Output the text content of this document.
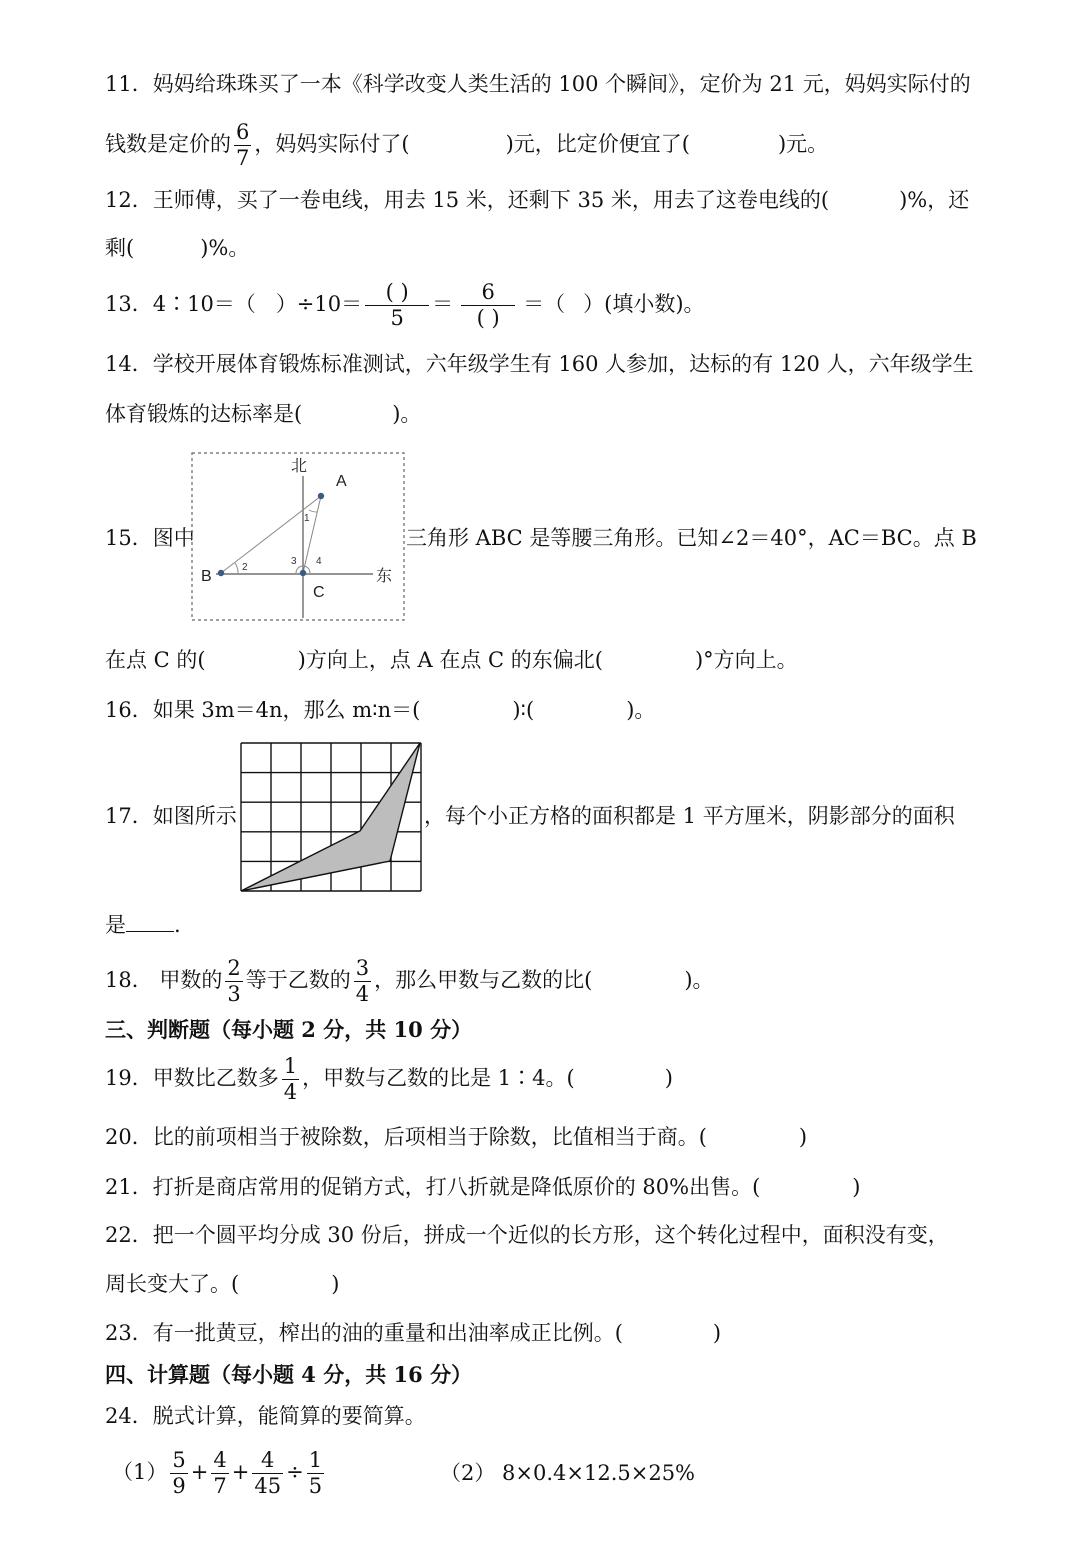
11．妈妈给珠珠买了一本《科学改变人类生活的 100 个瞬间》，定价为 21 元，妈妈实际付的
钱数是定价的 $\frac{6}{7}$ ，妈妈实际付了(	)元，比定价便宜了(	)元。
12．王师傅，买了一卷电线，用去 15 米，还剩下 35 米，用去了这卷电线的(	)%，还
剩(	)%。
13．4∶10＝（ ）$\div 10= \frac{( )}{5} = \frac{6}{( )}$ ＝（ ）(填小数)。
14．学校开展体育锻炼标准测试，六年级学生有 160 人参加，达标的有 120 人，六年级学生
体育锻炼的达标率是(	)。
15．图中
北
东
A
B
C
1
2
3 4
三角形 ABC 是等腰三角形。已知∠2＝40°，AC＝BC。点 B
在点 C 的(	)方向上，点 A 在点 C 的东偏北(	)°方向上。
16．如果 3m＝4n，那么 m∶n＝(	)∶(	)。
17．如图所示	，每个小正方格的面积都是 1 平方厘米，阴影部分的面积
是 .
18． 甲数的 $\frac{2}{3}$ 等于乙数的 $\frac{3}{4}$ ，那么甲数与乙数的比(	)。
三、判断题（每小题 2 分，共 10 分）
19．甲数比乙数多 $\frac{1}{4}$ ，甲数与乙数的比是 1∶4。(	)
20．比的前项相当于被除数，后项相当于除数，比值相当于商。(	)
21．打折是商店常用的促销方式，打八折就是降低原价的 80%出售。(	)
22．把一个圆平均分成 30 份后，拼成一个近似的长方形，这个转化过程中，面积没有变，
周长变大了。(	)
23．有一批黄豆，榨出的油的重量和出油率成正比例。(	)
四、计算题（每小题 4 分，共 16 分）
24．脱式计算，能简算的要简算。
$(1) \frac{5}{9} + \frac{4}{7} + \frac{4}{45} \div \frac{1}{5}$	（2） 8×0.4×12.5×25%
